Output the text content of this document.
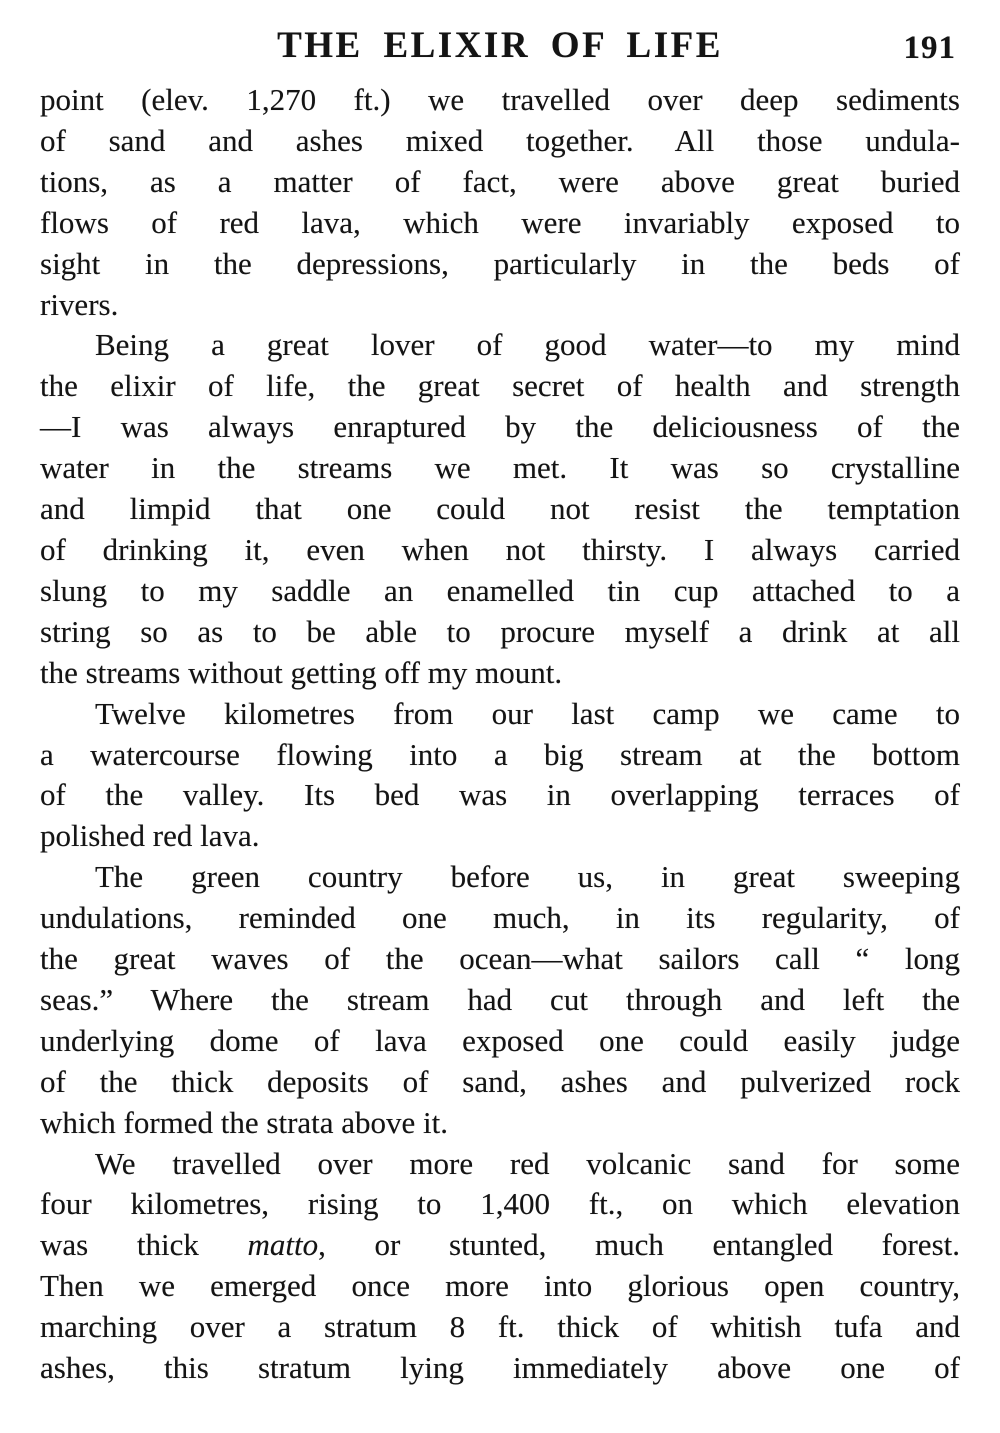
THE ELIXIR OF LIFE	191

point (elev. 1,270 ft.) we travelled over deep sediments
of sand and ashes mixed together. All those undula-
tions, as a matter of fact, were above great buried
flows of red lava, which were invariably exposed to
sight in the depressions, particularly in the beds of
rivers.

Being a great lover of good water—to my mind
the elixir of life, the great secret of health and strength
—I was always enraptured by the deliciousness of the
water in the streams we met. It was so crystalline
and limpid that one could not resist the temptation
of drinking it, even when not thirsty. I always carried
slung to my saddle an enamelled tin cup attached to a
string so as to be able to procure myself a drink at all
the streams without getting off my mount.

Twelve kilometres from our last camp we came to
a watercourse flowing into a big stream at the bottom
of the valley. Its bed was in overlapping terraces of
polished red lava.

The green country before us, in great sweeping
undulations, reminded one much, in its regularity, of
the great waves of the ocean—what sailors call “ long
seas.” Where the stream had cut through and left the
underlying dome of lava exposed one could easily judge
of the thick deposits of sand, ashes and pulverized rock
which formed the strata above it.

We travelled over more red volcanic sand for some
four kilometres, rising to 1,400 ft., on which elevation
was thick matto, or stunted, much entangled forest.
Then we emerged once more into glorious open country,
marching over a stratum 8 ft. thick of whitish tufa and
ashes, this stratum lying immediately above one of
